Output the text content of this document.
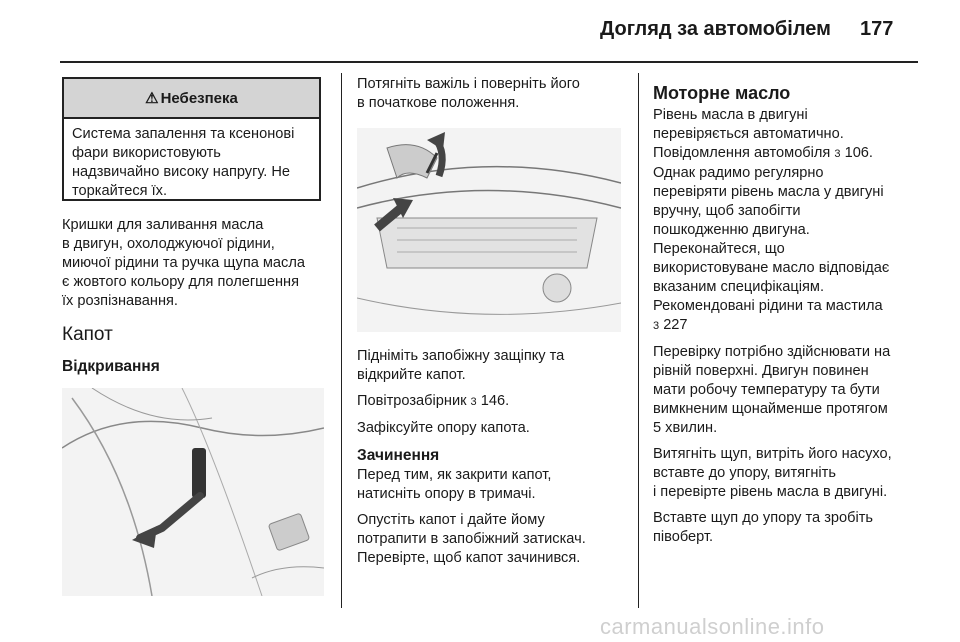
Догляд за автомобілем 177
⚠ Небезпека
Система запалення та ксенонові
фари використовують
надзвичайно високу напругу. Не
торкайтеся їх.
Кришки для заливання масла
в двигун, охолоджуючої рідини,
миючої рідини та ручка щупа масла
є жовтого кольору для полегшення
їх розпізнавання.
Капот
Відкривання
Потягніть важіль і поверніть його
в початкове положення.
Підніміть запобіжну защіпку та
відкрийте капот.
Повітрозабірник 3 146.
Зафіксуйте опору капота.
Зачинення
Перед тим, як закрити капот,
натисніть опору в тримачі.
Опустіть капот і дайте йому
потрапити в запобіжний затискач.
Перевірте, щоб капот зачинився.
Моторне масло
Рівень масла в двигуні
перевіряється автоматично.
Повідомлення автомобіля 3 106.
Однак радимо регулярно
перевіряти рівень масла у двигуні
вручну, щоб запобігти
пошкодженню двигуна.
Переконайтеся, що
використовуване масло відповідає
вказаним специфікаціям.
Рекомендовані рідини та мастила
3 227
Перевірку потрібно здійснювати на
рівній поверхні. Двигун повинен
мати робочу температуру та бути
вимкненим щонайменше протягом
5 хвилин.
Витягніть щуп, витріть його насухо,
вставте до упору, витягніть
і перевірте рівень масла в двигуні.
Вставте щуп до упору та зробіть
півоберт.
carmanualsonline.info
